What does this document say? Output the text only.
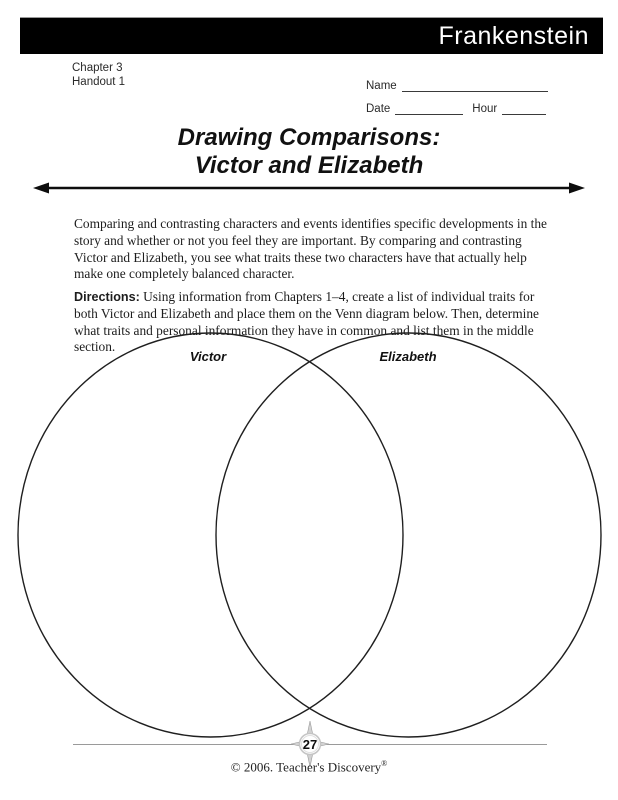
Frankenstein
Chapter 3
Handout 1	Name
Date	Hour
Drawing Comparisons:
Victor and Elizabeth

Comparing and contrasting characters and events identifies specific developments in the story and whether or not you feel they are important. By comparing and contrasting Victor and Elizabeth, you see what traits these two characters have that actually help make one completely balanced character.

Directions: Using information from Chapters 1–4, create a list of individual traits for both Victor and Elizabeth and place them on the Venn diagram below. Then, determine what traits and personal information they have in common and list them in the middle section.

Victor	Elizabeth
27
© 2006. Teacher's Discovery®
